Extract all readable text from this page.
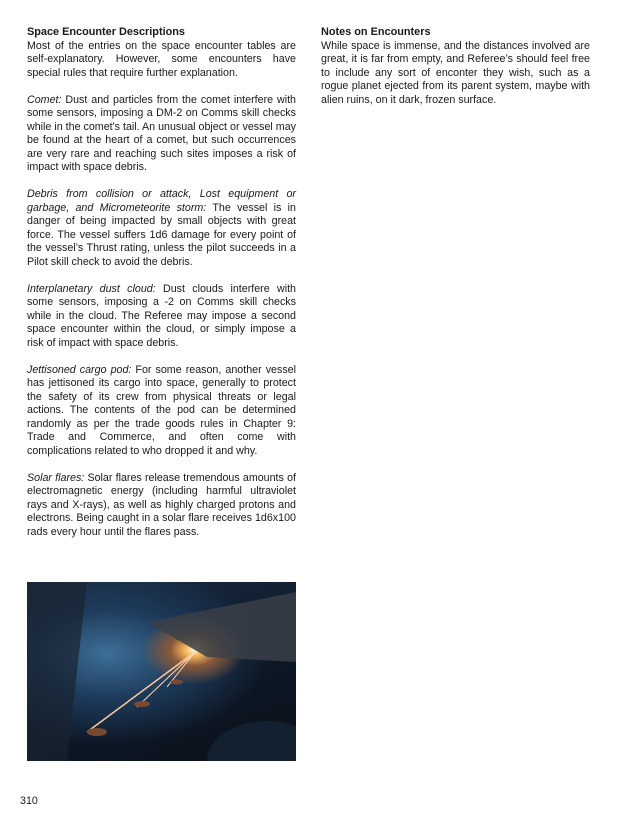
Space Encounter Descriptions

Most of the entries on the space encounter tables are self-explanatory. However, some encounters have special rules that require further explanation.

Comet: Dust and particles from the comet interfere with some sensors, imposing a DM-2 on Comms skill checks while in the comet's tail. An unusual object or vessel may be found at the heart of a comet, but such occurrences are very rare and reaching such sites imposes a risk of impact with space debris.

Debris from collision or attack, Lost equipment or garbage, and Micrometeorite storm: The vessel is in danger of being impacted by small objects with great force. The vessel suffers 1d6 damage for every point of the vessel’s Thrust rating, unless the pilot succeeds in a Pilot skill check to avoid the debris.

Interplanetary dust cloud: Dust clouds interfere with some sensors, imposing a -2 on Comms skill checks while in the cloud. The Referee may impose a second space encounter within the cloud, or simply impose a risk of impact with space debris.

Jettisoned cargo pod: For some reason, another vessel has jettisoned its cargo into space, generally to protect the safety of its crew from physical threats or legal actions. The contents of the pod can be determined randomly as per the trade goods rules in Chapter 9: Trade and Commerce, and often come with complications related to who dropped it and why.

Solar flares: Solar flares release tremendous amounts of electromagnetic energy (including harmful ultraviolet rays and X-rays), as well as highly charged protons and electrons. Being caught in a solar flare receives 1d6x100 rads every hour until the flares pass.

Notes on Encounters

While space is immense, and the distances involved are great, it is far from empty, and Referee’s should feel free to include any sort of enconter they wish, such as a rogue planet ejected from its parent system, maybe with alien ruins, on it dark, frozen surface.

310
